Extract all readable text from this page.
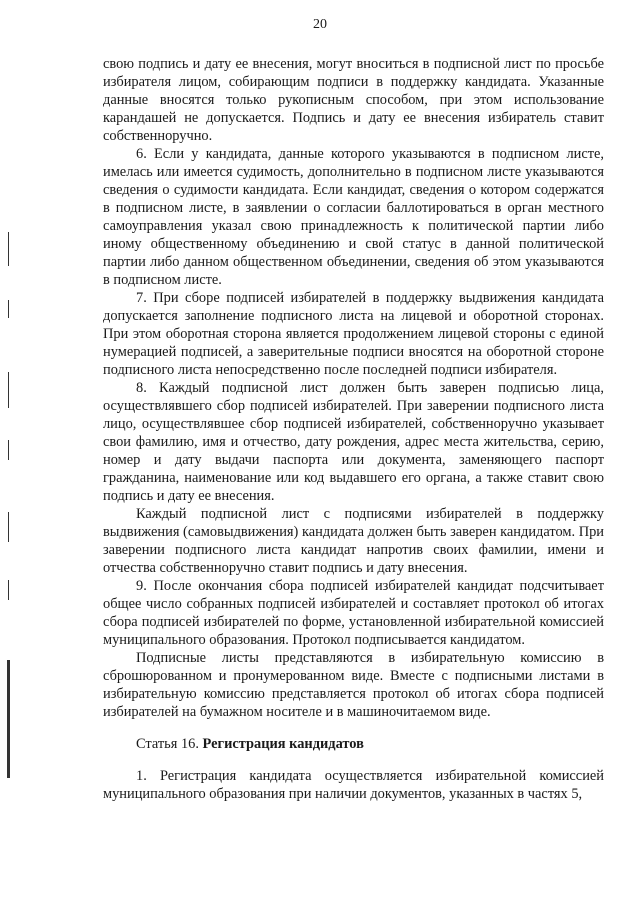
20

свою подпись и дату ее внесения, могут вноситься в подписной лист по просьбе избирателя лицом, собирающим подписи в поддержку кандидата. Указанные данные вносятся только рукописным способом, при этом использование карандашей не допускается. Подпись и дату ее внесения избиратель ставит собственноручно.

6. Если у кандидата, данные которого указываются в подписном листе, имелась или имеется судимость, дополнительно в подписном листе указываются сведения о судимости кандидата. Если кандидат, сведения о котором содержатся в подписном листе, в заявлении о согласии баллотироваться в орган местного самоуправления указал свою принадлежность к политической партии либо иному общественному объединению и свой статус в данной политической партии либо данном общественном объединении, сведения об этом указываются в подписном листе.

7. При сборе подписей избирателей в поддержку выдвижения кандидата допускается заполнение подписного листа на лицевой и оборотной сторонах. При этом оборотная сторона является продолжением лицевой стороны с единой нумерацией подписей, а заверительные подписи вносятся на оборотной стороне подписного листа непосредственно после последней подписи избирателя.

8. Каждый подписной лист должен быть заверен подписью лица, осуществлявшего сбор подписей избирателей. При заверении подписного листа лицо, осуществлявшее сбор подписей избирателей, собственноручно указывает свои фамилию, имя и отчество, дату рождения, адрес места жительства, серию, номер и дату выдачи паспорта или документа, заменяющего паспорт гражданина, наименование или код выдавшего его органа, а также ставит свою подпись и дату ее внесения.

Каждый подписной лист с подписями избирателей в поддержку выдвижения (самовыдвижения) кандидата должен быть заверен кандидатом. При заверении подписного листа кандидат напротив своих фамилии, имени и отчества собственноручно ставит подпись и дату внесения.

9. После окончания сбора подписей избирателей кандидат подсчитывает общее число собранных подписей избирателей и составляет протокол об итогах сбора подписей избирателей по форме, установленной избирательной комиссией муниципального образования. Протокол подписывается кандидатом.

Подписные листы представляются в избирательную комиссию в сброшюрованном и пронумерованном виде. Вместе с подписными листами в избирательную комиссию представляется протокол об итогах сбора подписей избирателей на бумажном носителе и в машиночитаемом виде.

Статья 16. Регистрация кандидатов

1. Регистрация кандидата осуществляется избирательной комиссией муниципального образования при наличии документов, указанных в частях 5,
